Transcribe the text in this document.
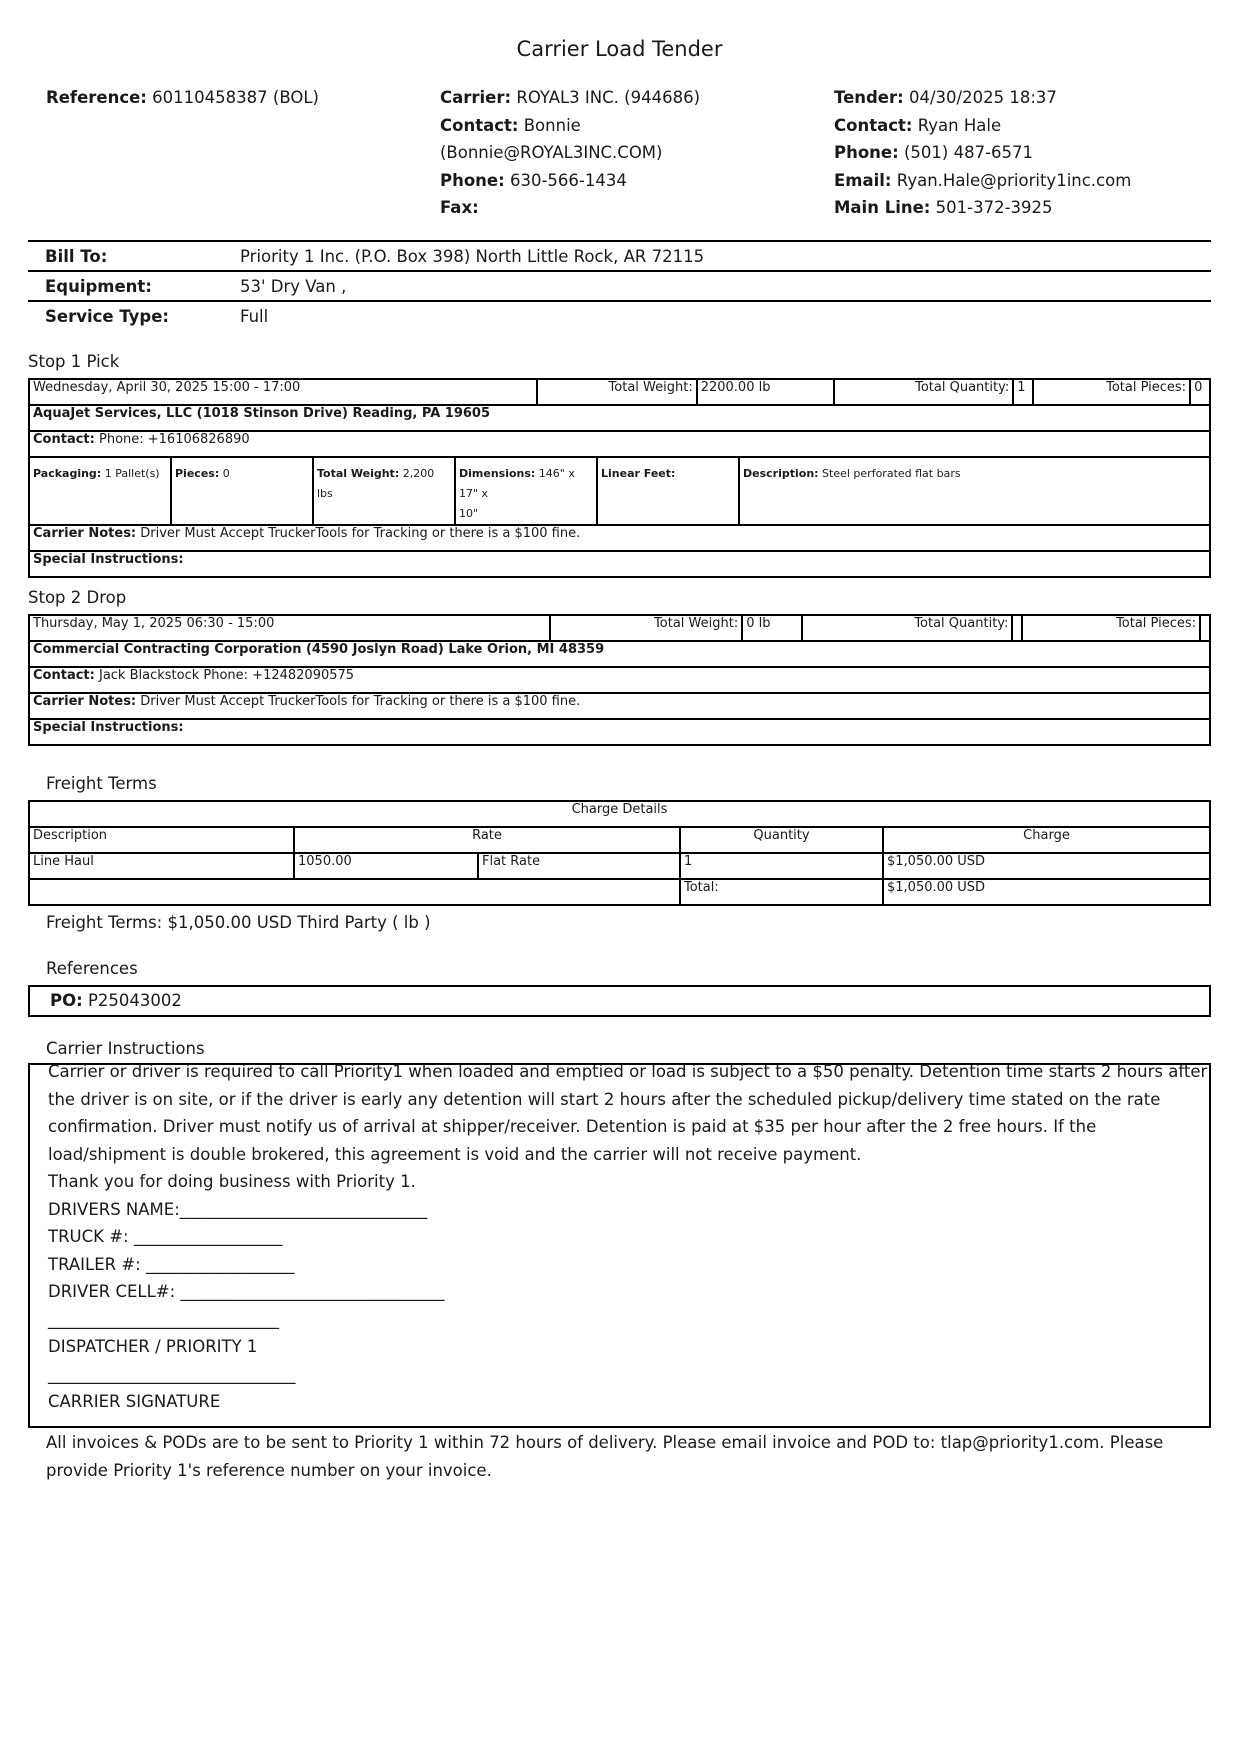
Carrier Load Tender
Reference: 60110458387 (BOL)	Carrier: ROYAL3 INC. (944686)
Contact: Bonnie
(Bonnie@ROYAL3INC.COM)
Phone: 630-566-1434
Fax:
Tender: 04/30/2025 18:37
Contact: Ryan Hale
Phone: (501) 487-6571
Email: Ryan.Hale@priority1inc.com
Main Line: 501-372-3925
Bill To:	Priority 1 Inc. (P.O. Box 398) North Little Rock, AR 72115
Equipment:	53' Dry Van ,
Service Type:	Full
Stop 1 Pick
Wednesday, April 30, 2025 15:00 - 17:00	Total Weight:	2200.00 lb	Total Quantity:	1	Total Pieces:	0
AquaJet Services, LLC (1018 Stinson Drive) Reading, PA 19605
Contact: Phone: +16106826890
Packaging: 1 Pallet(s)	Pieces: 0	Total Weight: 2,200 lbs	Dimensions: 146" x 17" x
10"	Linear Feet:	Description: Steel perforated flat bars
Carrier Notes: Driver Must Accept TruckerTools for Tracking or there is a $100 fine.
Special Instructions:
Stop 2 Drop
Thursday, May 1, 2025 06:30 - 15:00	Total Weight:	0 lb	Total Quantity:		Total Pieces:	
Commercial Contracting Corporation (4590 Joslyn Road) Lake Orion, MI 48359
Contact: Jack Blackstock Phone: +12482090575
Carrier Notes: Driver Must Accept TruckerTools for Tracking or there is a $100 fine.
Special Instructions:
Freight Terms
Charge Details				
Description	Rate		Quantity	Charge
Line Haul	1050.00	Flat Rate	1	$1,050.00 USD
			Total:	$1,050.00 USD
Freight Terms: $1,050.00 USD Third Party ( lb )
References
PO: P25043002
Carrier Instructions
Carrier or driver is required to call Priority1 when loaded and emptied or load is subject to a $50 penalty. Detention time starts 2 hours after
the driver is on site, or if the driver is early any detention will start 2 hours after the scheduled pickup/delivery time stated on the rate
confirmation. Driver must notify us of arrival at shipper/receiver. Detention is paid at $35 per hour after the 2 free hours. If the
load/shipment is double brokered, this agreement is void and the carrier will not receive payment.
Thank you for doing business with Priority 1.
DRIVERS NAME:______________________________
TRUCK #: __________________
TRAILER #: __________________
DRIVER CELL#: ________________________________
____________________________
DISPATCHER / PRIORITY 1
______________________________
CARRIER SIGNATURE
All invoices & PODs are to be sent to Priority 1 within 72 hours of delivery. Please email invoice and POD to: tlap@priority1.com. Please
provide Priority 1's reference number on your invoice.
